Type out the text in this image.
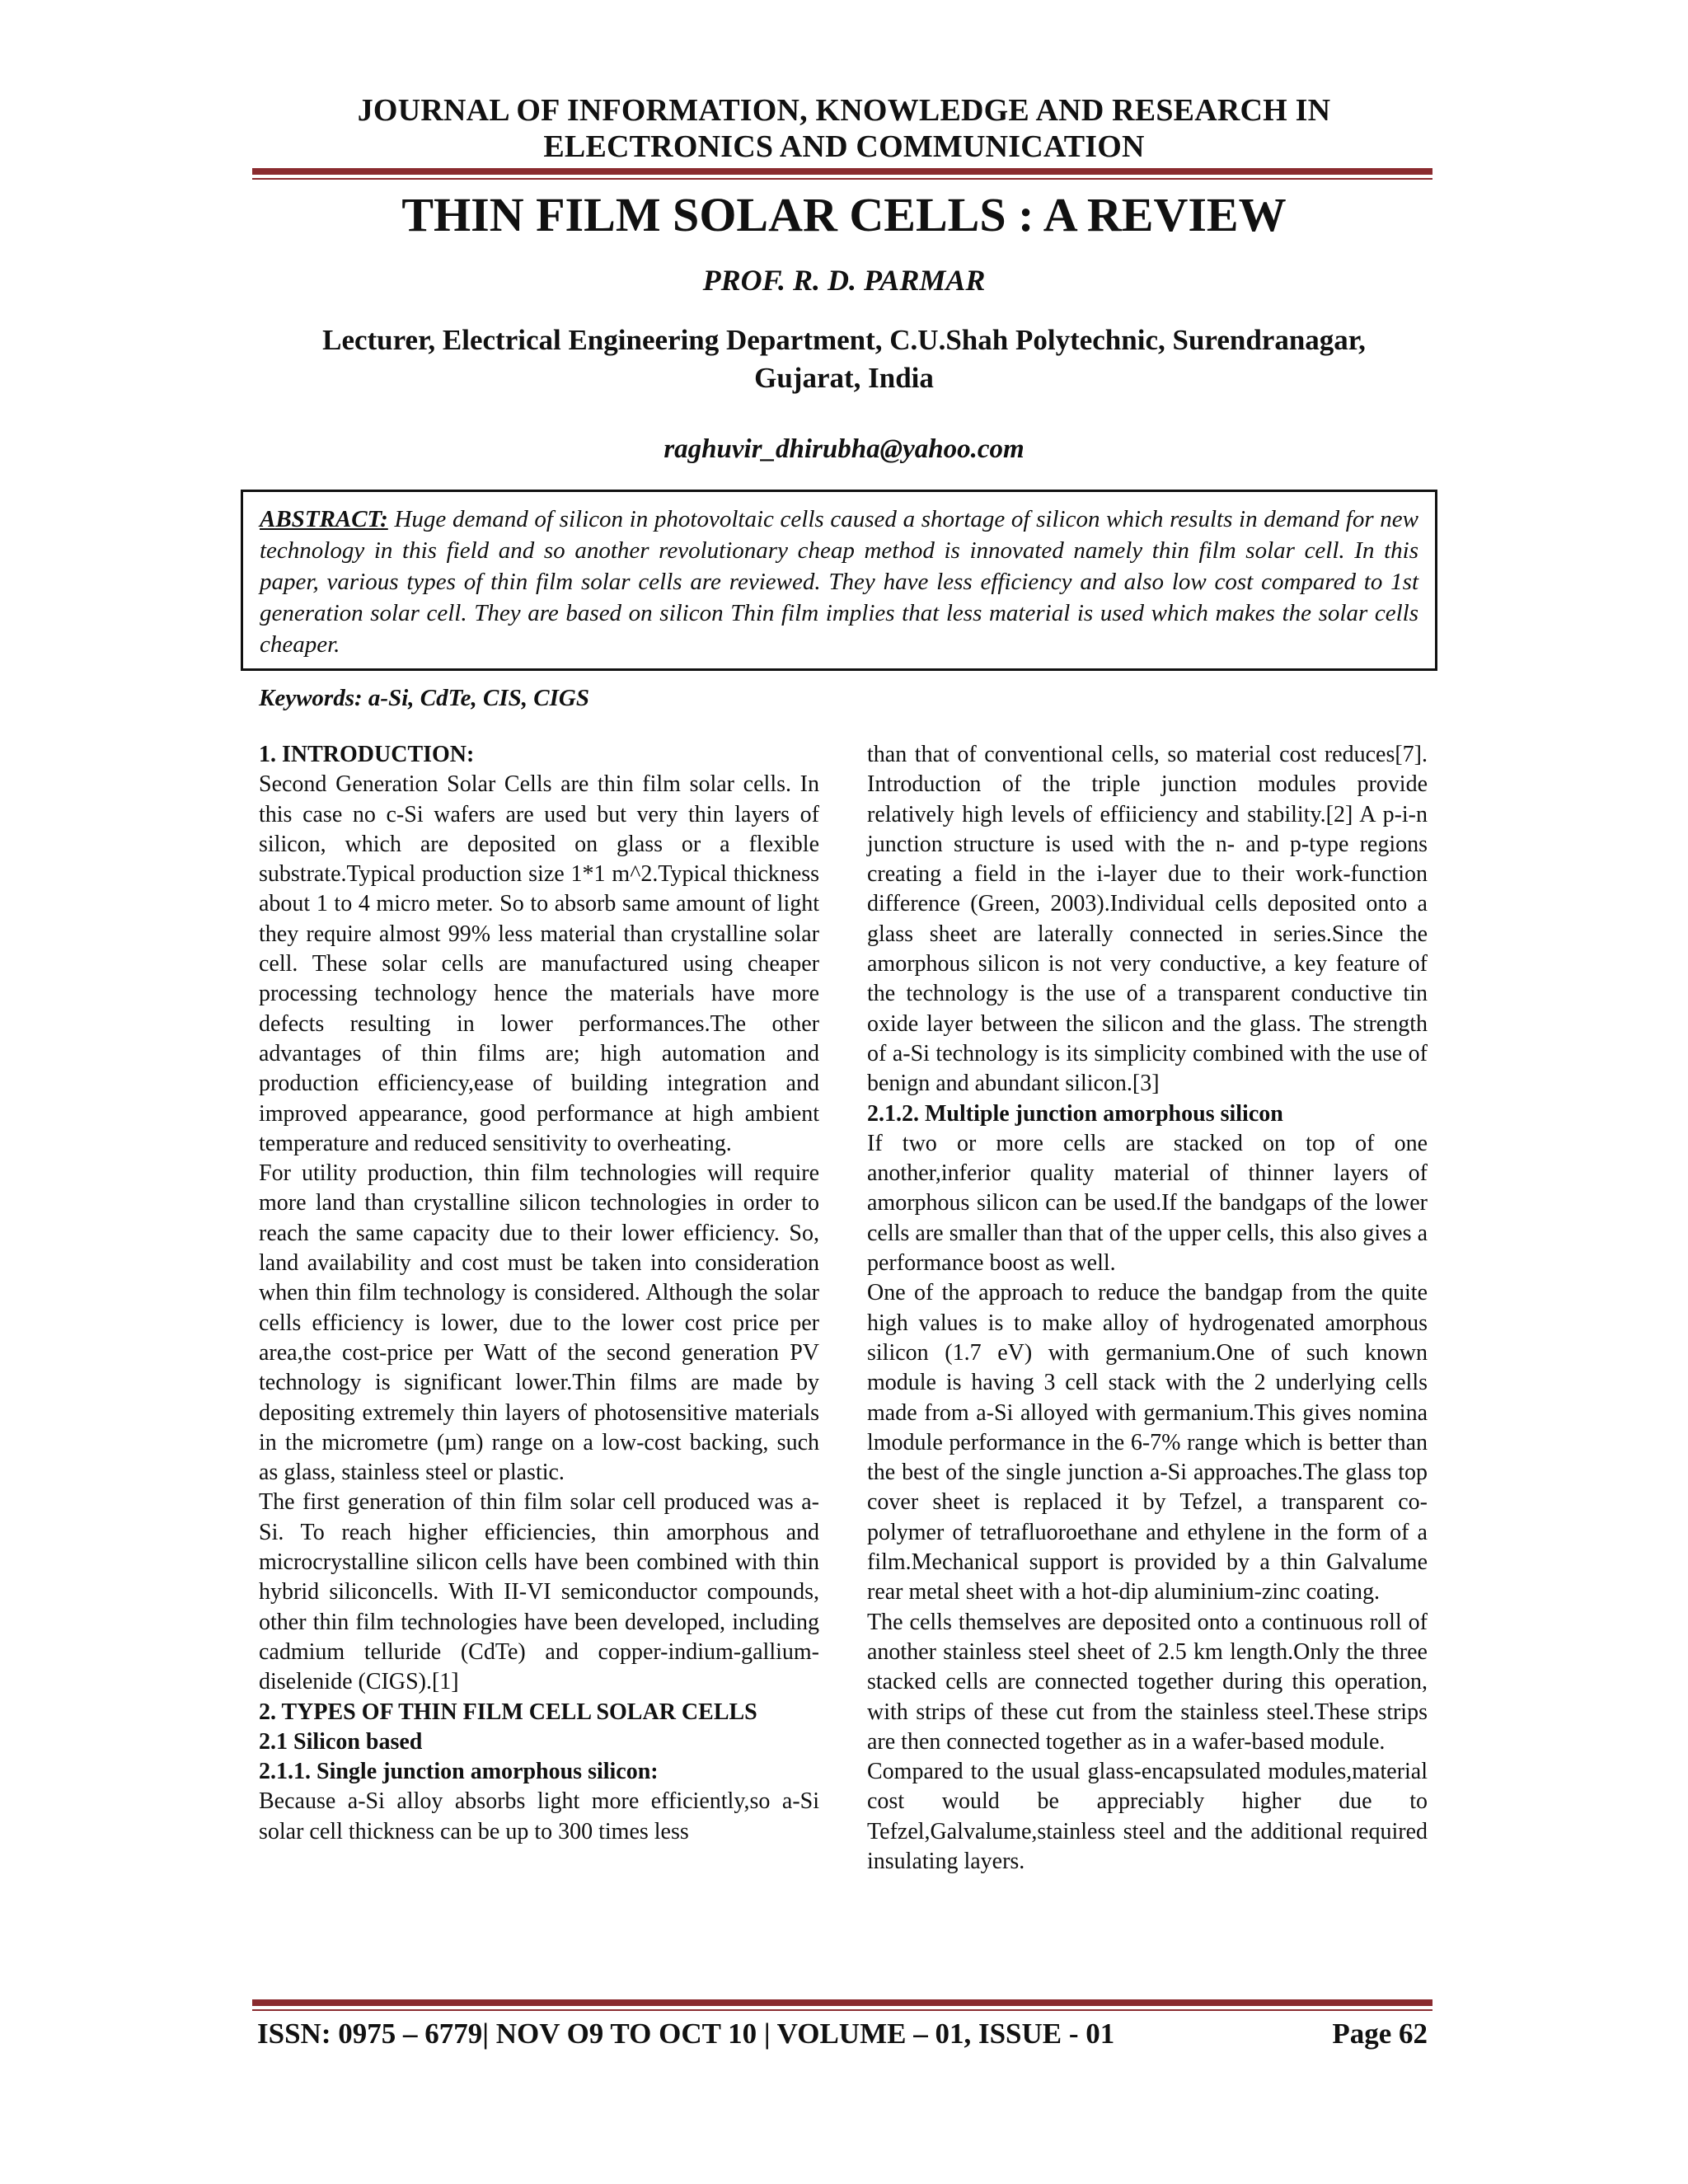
JOURNAL OF INFORMATION, KNOWLEDGE AND RESEARCH IN
ELECTRONICS AND COMMUNICATION
THIN FILM SOLAR CELLS : A REVIEW
PROF. R. D. PARMAR
Lecturer, Electrical Engineering Department, C.U.Shah Polytechnic, Surendranagar,
Gujarat, India
raghuvir_dhirubha@yahoo.com
ABSTRACT: Huge demand of silicon in photovoltaic cells caused a shortage of silicon which results in demand for new technology in this field and so another revolutionary cheap method is innovated namely thin film solar cell. In this paper, various types of thin film solar cells are reviewed. They have less efficiency and also low cost compared to 1st generation solar cell. They are based on silicon Thin film implies that less material is used which makes the solar cells cheaper.
Keywords: a-Si, CdTe, CIS, CIGS

1. INTRODUCTION:

Second Generation Solar Cells are thin film solar cells. In this case no c-Si wafers are used but very thin layers of silicon, which are deposited on glass or a flexible substrate.Typical production size 1*1 m^2.Typical thickness about 1 to 4 micro meter. So to absorb same amount of light they require almost 99% less material than crystalline solar cell. These solar cells are manufactured using cheaper processing technology hence the materials have more defects resulting in lower performances.The other advantages of thin films are; high automation and production efficiency,ease of building integration and improved appearance, good performance at high ambient temperature and reduced sensitivity to overheating.

For utility production, thin film technologies will require more land than crystalline silicon technologies in order to reach the same capacity due to their lower efficiency. So, land availability and cost must be taken into consideration when thin film technology is considered. Although the solar cells efficiency is lower, due to the lower cost price per area,the cost-price per Watt of the second generation PV technology is significant lower.Thin films are made by depositing extremely thin layers of photosensitive materials in the micrometre (µm) range on a low-cost backing, such as glass, stainless steel or plastic.

The first generation of thin film solar cell produced was a-Si. To reach higher efficiencies, thin amorphous and microcrystalline silicon cells have been combined with thin hybrid siliconcells. With II-VI semiconductor compounds, other thin film technologies have been developed, including cadmium telluride (CdTe) and copper-indium-gallium-diselenide (CIGS).[1]

2. TYPES OF THIN FILM CELL SOLAR CELLS

2.1 Silicon based

2.1.1. Single junction amorphous silicon:

Because a-Si alloy absorbs light more efficiently,so a-Si solar cell thickness can be up to 300 times less

than that of conventional cells, so material cost reduces[7]. Introduction of the triple junction modules provide relatively high levels of effiiciency and stability.[2] A p-i-n junction structure is used with the n- and p-type regions creating a field in the i-layer due to their work-function difference (Green, 2003).Individual cells deposited onto a glass sheet are laterally connected in series.Since the amorphous silicon is not very conductive, a key feature of the technology is the use of a transparent conductive tin oxide layer between the silicon and the glass. The strength of a-Si technology is its simplicity combined with the use of benign and abundant silicon.[3]

2.1.2. Multiple junction amorphous silicon

If two or more cells are stacked on top of one another,inferior quality material of thinner layers of amorphous silicon can be used.If the bandgaps of the lower cells are smaller than that of the upper cells, this also gives a performance boost as well.

One of the approach to reduce the bandgap from the quite high values is to make alloy of hydrogenated amorphous silicon (1.7 eV) with germanium.One of such known module is having 3 cell stack with the 2 underlying cells made from a-Si alloyed with germanium.This gives nomina lmodule performance in the 6-7% range which is better than the best of the single junction a-Si approaches.The glass top cover sheet is replaced it by Tefzel, a transparent co-polymer of tetrafluoroethane and ethylene in the form of a film.Mechanical support is provided by a thin Galvalume rear metal sheet with a hot-dip aluminium-zinc coating.

The cells themselves are deposited onto a continuous roll of another stainless steel sheet of 2.5 km length.Only the three stacked cells are connected together during this operation, with strips of these cut from the stainless steel.These strips are then connected together as in a wafer-based module.

Compared to the usual glass-encapsulated modules,material cost would be appreciably higher due to Tefzel,Galvalume,stainless steel and the additional required insulating layers.

ISSN: 0975 – 6779| NOV O9 TO OCT 10 | VOLUME – 01, ISSUE - 01	Page 62
